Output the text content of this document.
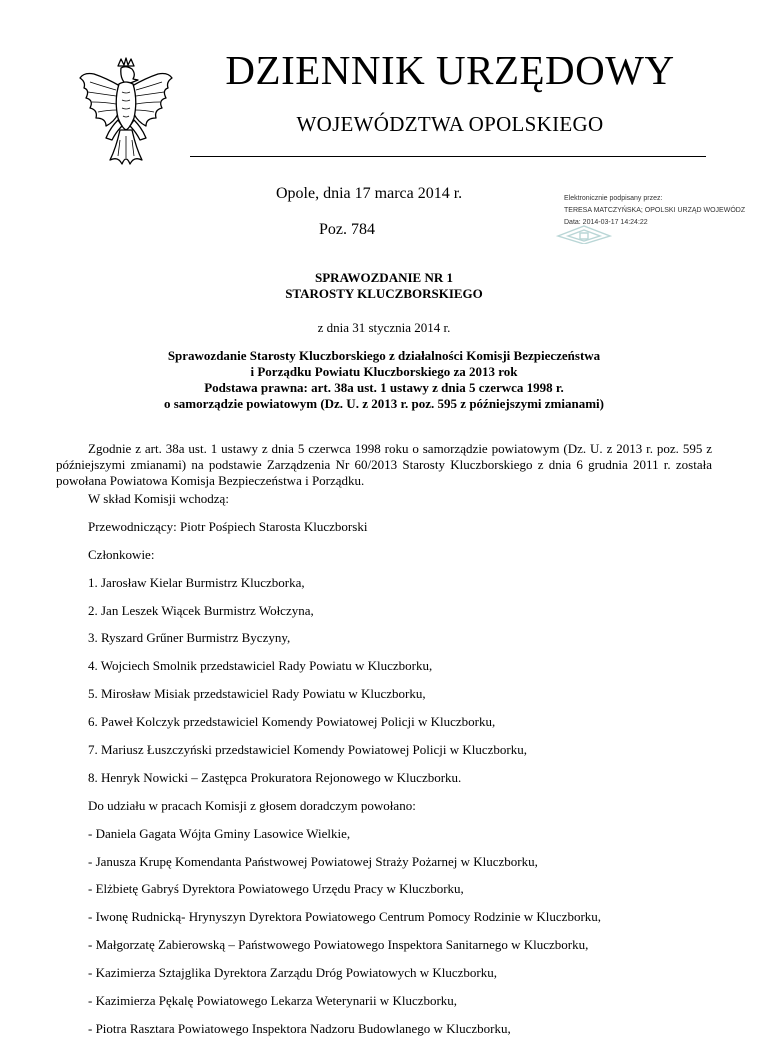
DZIENNIK URZĘDOWY
WOJEWÓDZTWA OPOLSKIEGO
Opole, dnia 17 marca 2014 r.
Poz. 784
Elektronicznie podpisany przez:
TERESA MATCZYŃSKA; OPOLSKI URZĄD WOJEWÓDZ
Data: 2014-03-17 14:24:22
SPRAWOZDANIE NR 1
STAROSTY KLUCZBORSKIEGO
z dnia 31 stycznia 2014 r.
Sprawozdanie Starosty Kluczborskiego z działalności Komisji Bezpieczeństwa
i Porządku Powiatu Kluczborskiego za 2013 rok
Podstawa prawna: art. 38a ust. 1 ustawy z dnia 5 czerwca 1998 r.
o samorządzie powiatowym (Dz. U. z 2013 r. poz. 595 z późniejszymi zmianami)
Zgodnie z art. 38a ust. 1 ustawy z dnia 5 czerwca 1998 roku o samorządzie powiatowym (Dz. U. z 2013 r. poz. 595 z późniejszymi zmianami) na podstawie Zarządzenia Nr 60/2013 Starosty Kluczborskiego z dnia 6 grudnia 2011 r. została powołana Powiatowa Komisja Bezpieczeństwa i Porządku.
W skład Komisji wchodzą:
Przewodniczący: Piotr Pośpiech Starosta Kluczborski
Członkowie:
1. Jarosław Kielar Burmistrz Kluczborka,
2. Jan Leszek Wiącek Burmistrz Wołczyna,
3. Ryszard Grűner Burmistrz Byczyny,
4. Wojciech Smolnik przedstawiciel Rady Powiatu w Kluczborku,
5. Mirosław Misiak przedstawiciel Rady Powiatu w Kluczborku,
6. Paweł Kolczyk przedstawiciel Komendy Powiatowej Policji w Kluczborku,
7. Mariusz Łuszczyński przedstawiciel Komendy Powiatowej Policji w Kluczborku,
8. Henryk Nowicki – Zastępca Prokuratora Rejonowego w Kluczborku.
Do udziału w pracach Komisji z głosem doradczym powołano:
- Daniela Gagata Wójta Gminy Lasowice Wielkie,
- Janusza Krupę Komendanta Państwowej Powiatowej Straży Pożarnej w Kluczborku,
- Elżbietę Gabryś Dyrektora Powiatowego Urzędu Pracy w Kluczborku,
- Iwonę Rudnicką- Hrynyszyn Dyrektora Powiatowego Centrum Pomocy Rodzinie w Kluczborku,
- Małgorzatę Zabierowską – Państwowego Powiatowego Inspektora Sanitarnego w Kluczborku,
- Kazimierza Sztajglika Dyrektora Zarządu Dróg Powiatowych w Kluczborku,
- Kazimierza Pękalę Powiatowego Lekarza Weterynarii w Kluczborku,
- Piotra Rasztara Powiatowego Inspektora Nadzoru Budowlanego w Kluczborku,
